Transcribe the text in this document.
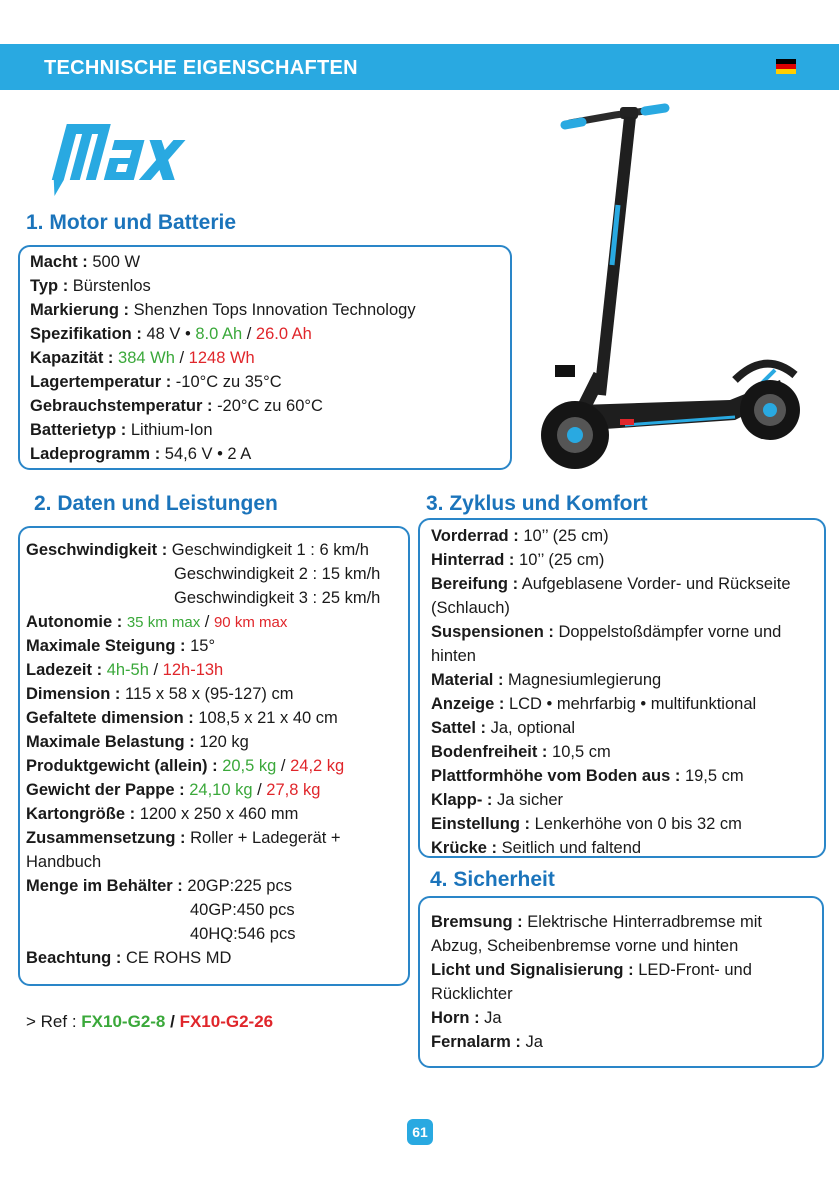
TECHNISCHE EIGENSCHAFTEN
1. Motor und Batterie
Macht : 500 W
Typ : Bürstenlos
Markierung : Shenzhen Tops Innovation Technology
Spezifikation : 48 V • 8.0 Ah / 26.0 Ah
Kapazität : 384 Wh / 1248 Wh
Lagertemperatur : -10°C zu 35°C
Gebrauchstemperatur : -20°C zu 60°C
Batterietyp : Lithium-Ion
Ladeprogramm : 54,6 V • 2 A
2. Daten und Leistungen
Geschwindigkeit : Geschwindigkeit 1 : 6 km/h
Geschwindigkeit 2 : 15 km/h
Geschwindigkeit 3 : 25 km/h
Autonomie : 35 km max / 90 km max
Maximale Steigung : 15°
Ladezeit : 4h-5h / 12h-13h
Dimension : 115 x 58 x (95-127) cm
Gefaltete dimension : 108,5 x 21 x 40 cm
Maximale Belastung : 120 kg
Produktgewicht (allein) : 20,5 kg / 24,2 kg
Gewicht der Pappe : 24,10 kg / 27,8 kg
Kartongröße : 1200 x 250 x 460 mm
Zusammensetzung : Roller + Ladegerät +
Handbuch
Menge im Behälter : 20GP:225 pcs
40GP:450 pcs
40HQ:546 pcs
Beachtung : CE ROHS MD
> Ref : FX10-G2-8 / FX10-G2-26
3. Zyklus und Komfort
Vorderrad : 10’’ (25 cm)
Hinterrad : 10’’ (25 cm)
Bereifung : Aufgeblasene Vorder- und Rückseite
(Schlauch)
Suspensionen : Doppelstoßdämpfer vorne und
hinten
Material : Magnesiumlegierung
Anzeige : LCD • mehrfarbig • multifunktional
Sattel : Ja, optional
Bodenfreiheit : 10,5 cm
Plattformhöhe vom Boden aus : 19,5 cm
Klapp- : Ja sicher
Einstellung : Lenkerhöhe von 0 bis 32 cm
Krücke : Seitlich und faltend
4. Sicherheit
Bremsung : Elektrische Hinterradbremse mit
Abzug, Scheibenbremse vorne und hinten
Licht und Signalisierung : LED-Front- und
Rücklichter
Horn : Ja
Fernalarm : Ja
61
